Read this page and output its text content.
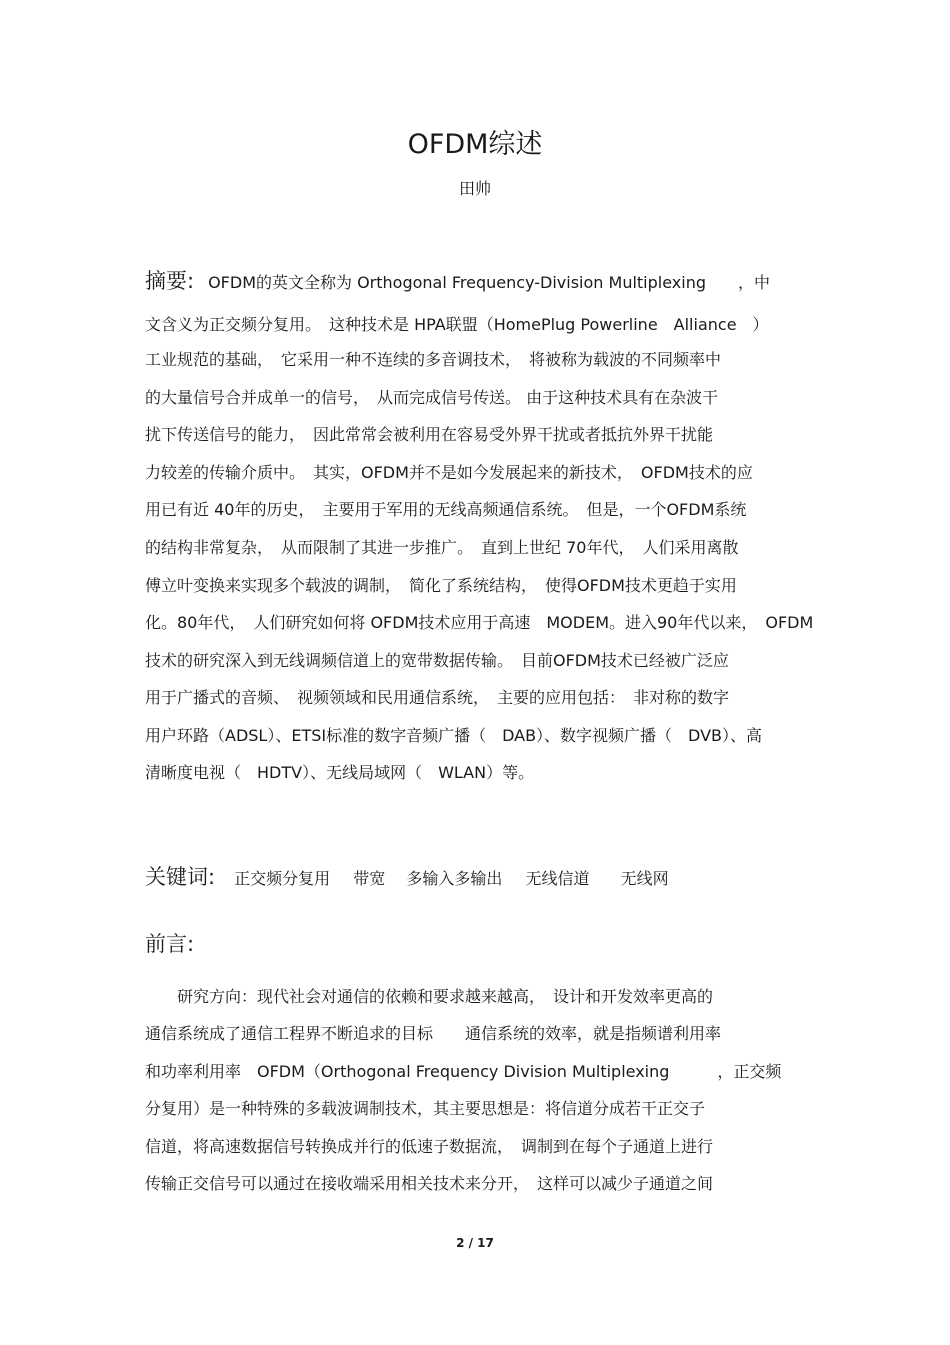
OFDM综述
田帅
摘要: OFDM的英文全称为 Orthogonal Frequency-Division Multiplexing　　，中
文含义为正交频分复用。　这种技术是 HPA联盟（HomePlug Powerline　Alliance　）
工业规范的基础，　它采用一种不连续的多音调技术，　将被称为载波的不同频率中
的大量信号合并成单一的信号，　从而完成信号传送。 由于这种技术具有在杂波干
扰下传送信号的能力，　因此常常会被利用在容易受外界干扰或者抵抗外界干扰能
力较差的传输介质中。　其实，OFDM并不是如今发展起来的新技术，　OFDM技术的应
用已有近 40年的历史，　主要用于军用的无线高频通信系统。　但是，一个OFDM系统
的结构非常复杂，　从而限制了其进一步推广。　直到上世纪 70年代，　人们采用离散
傅立叶变换来实现多个载波的调制，　简化了系统结构，　使得OFDM技术更趋于实用
化。80年代，　人们研究如何将 OFDM技术应用于高速　MODEM。进入90年代以来，　OFDM
技术的研究深入到无线调频信道上的宽带数据传输。　目前OFDM技术已经被广泛应
用于广播式的音频、　视频领域和民用通信系统，　主要的应用包括：　非对称的数字
用户环路（ADSL）、ETSI标准的数字音频广播（　DAB）、数字视频广播（　DVB）、高
清晰度电视（　HDTV）、无线局域网（　WLAN）等。
关键词: 正交频分复用 带宽 多输入多输出 无线信道 无线网
前言:
　　研究方向：现代社会对通信的依赖和要求越来越高，　设计和开发效率更高的
通信系统成了通信工程界不断追求的目标　　通信系统的效率，就是指频谱利用率
和功率利用率　OFDM（Orthogonal Frequency Division Multiplexing　　　，正交频
分复用）是一种特殊的多载波调制技术，其主要思想是：将信道分成若干正交子
信道，将高速数据信号转换成并行的低速子数据流，　调制到在每个子通道上进行
传输正交信号可以通过在接收端采用相关技术来分开，　这样可以减少子通道之间
2 / 17
